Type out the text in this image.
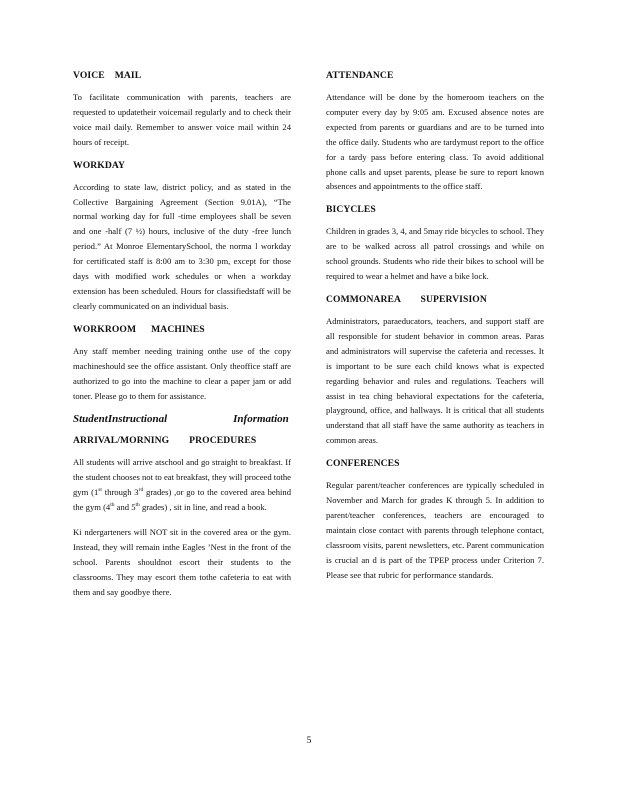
VOICE    MAIL

To facilitate communication with parents, teachers are requested to updatetheir voicemail regularly and to check their voice mail daily. Remember to answer voice mail within 24 hours of receipt.

WORKDAY

According to state law, district policy, and as stated in the Collective Bargaining Agreement (Section 9.01A), “The normal working day for full -time employees shall be seven and one -half (7 ½) hours, inclusive of the duty -free lunch period.” At Monroe ElementarySchool, the norma l workday for certificated staff is 8:00 am to 3:30 pm, except for those days with modified work schedules or when a workday extension has been scheduled. Hours for classifiedstaff will be clearly communicated on an individual basis.

WORKROOM      MACHINES

Any staff member needing training onthe use of the copy machineshould see the office assistant. Only theoffice staff are authorized to go into the machine to clear a paper jam or add toner. Please go to them for assistance.

StudentInstructional	Information
ARRIVAL/MORNING        PROCEDURES

All students will arrive atschool and go straight to breakfast. If the student chooses not to eat breakfast, they will proceed tothe gym (1st through 3rd grades) ,or go to the covered area behind the gym (4th and 5th grades) , sit in line, and read a book.

Ki ndergarteners will NOT sit in the covered area or the gym. Instead, they will remain inthe Eagles ’Nest in the front of the school. Parents shouldnot escort their students to the classrooms. They may escort them tothe cafeteria to eat with them and say goodbye there.

ATTENDANCE

Attendance will be done by the homeroom teachers on the computer every day by 9:05 am. Excused absence notes are expected from parents or guardians and are to be turned into the office daily. Students who are tardymust report to the office for a tardy pass before entering class. To avoid additional phone calls and upset parents, please be sure to report known absences and appointments to the office staff.

BICYCLES

Children in grades 3, 4, and 5may ride bicycles to school. They are to be walked across all patrol crossings and while on school grounds. Students who ride their bikes to school will be required to wear a helmet and have a bike lock.

COMMONAREA        SUPERVISION

Administrators, paraeducators, teachers, and support staff are all responsible for student behavior in common areas. Paras and administrators will supervise the cafeteria and recesses. It is important to be sure each child knows what is expected regarding behavior and rules and regulations. Teachers will assist in tea ching behavioral expectations for the cafeteria, playground, office, and hallways. It is critical that all students understand that all staff have the same authority as teachers in common areas.

CONFERENCES

Regular parent/teacher conferences are typically scheduled in November and March for grades K through 5. In addition to parent/teacher conferences, teachers are encouraged to maintain close contact with parents through telephone contact, classroom visits, parent newsletters, etc. Parent communication is crucial an d is part of the TPEP process under Criterion 7. Please see that rubric for performance standards.

5
